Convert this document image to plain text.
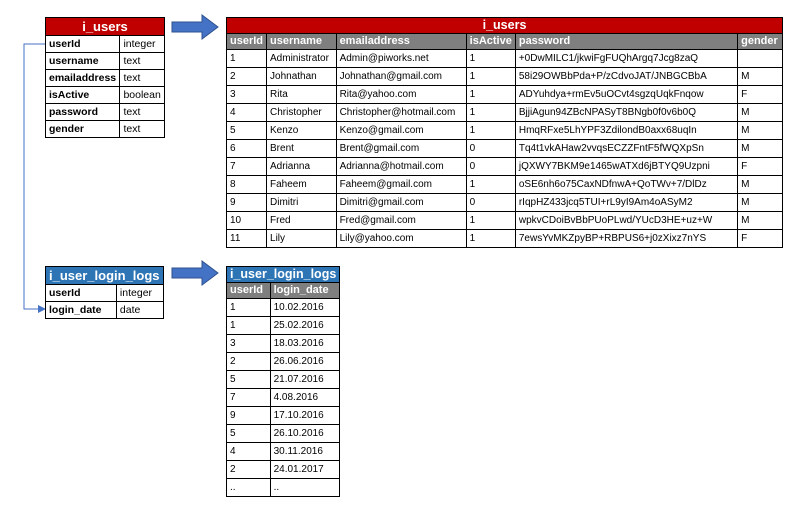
i_users	
userId	integer
username	text
emailaddress	text
isActive	boolean
password	text
gender	text
i_user_login_logs	
userId	integer
login_date	date
i_users					
userId	username	emailaddress	isActive	password	gender
1	Administrator	Admin@piworks.net	1	+0DwMILC1/jkwiFgFUQhArgq7Jcg8zaQ	
2	Johnathan	Johnathan@gmail.com	1	58i29OWBbPda+P/zCdvoJAT/JNBGCBbA	M
3	Rita	Rita@yahoo.com	1	ADYuhdya+rmEv5uOCvt4sgzqUqkFnqow	F
4	Christopher	Christopher@hotmail.com	1	BjjiAgun94ZBcNPASyT8BNgb0f0v6b0Q	M
5	Kenzo	Kenzo@gmail.com	1	HmqRFxe5LhYPF3ZdilondB0axx68uqIn	M
6	Brent	Brent@gmail.com	0	Tq4t1vkAHaw2vvqsECZZFntF5fWQXpSn	M
7	Adrianna	Adrianna@hotmail.com	0	jQXWY7BKM9e1465wATXd6jBTYQ9Uzpni	F
8	Faheem	Faheem@gmail.com	1	oSE6nh6o75CaxNDfnwA+QoTWv+7/DlDz	M
9	Dimitri	Dimitri@gmail.com	0	rIqpHZ433jcq5TUI+rL9yI9Am4oASyM2	M
10	Fred	Fred@gmail.com	1	wpkvCDoiBvBbPUoPLwd/YUcD3HE+uz+W	M
11	Lily	Lily@yahoo.com	1	7ewsYvMKZpyBP+RBPUS6+j0zXixz7nYS	F
i_user_login_logs	
userId	login_date
1	10.02.2016
1	25.02.2016
3	18.03.2016
2	26.06.2016
5	21.07.2016
7	4.08.2016
9	17.10.2016
5	26.10.2016
4	30.11.2016
2	24.01.2017
..	..
